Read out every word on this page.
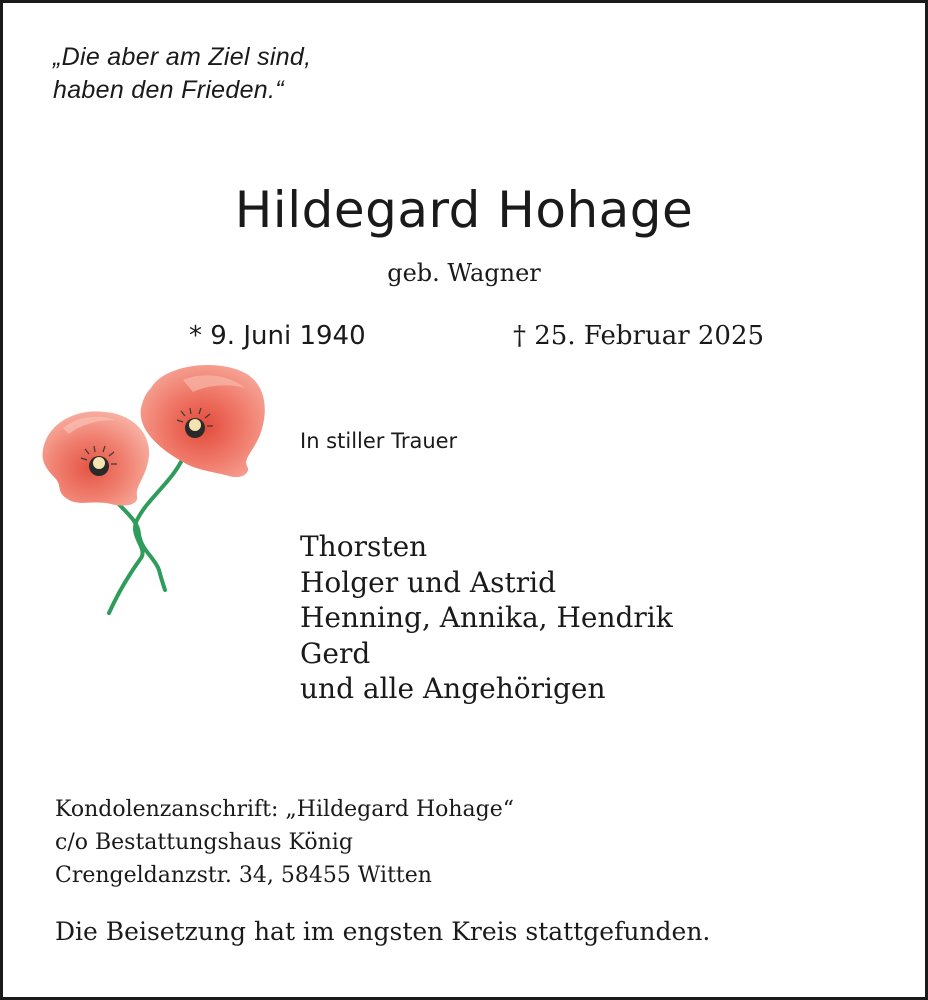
„Die aber am Ziel sind,
haben den Frieden.“
Hildegard Hohage
geb. Wagner
* 9. Juni 1940	† 25. Februar 2025
In stiller Trauer
Thorsten
Holger und Astrid
Henning, Annika, Hendrik
Gerd
und alle Angehörigen
Kondolenzanschrift: „Hildegard Hohage“
c/o Bestattungshaus König
Crengeldanzstr. 34, 58455 Witten
Die Beisetzung hat im engsten Kreis stattgefunden.
